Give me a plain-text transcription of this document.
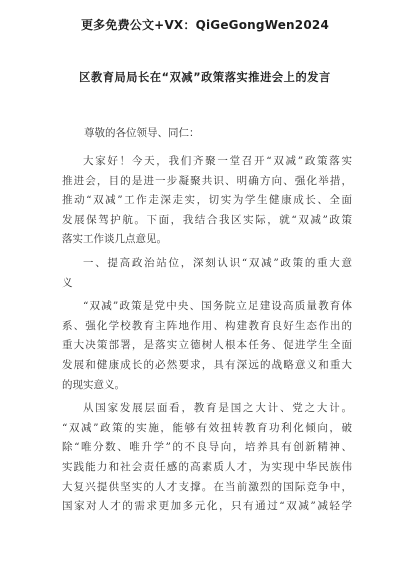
更多免费公文+VX：QiGeGongWen2024
区教育局局长在“双减”政策落实推进会上的发言
尊敬的各位领导、同仁：
大家好！今天，我们齐聚一堂召开“双减”政策落实
推进会，目的是进一步凝聚共识、明确方向、强化举措，
推动“双减”工作走深走实，切实为学生健康成长、全面
发展保驾护航。下面，我结合我区实际，就“双减”政策
落实工作谈几点意见。
一、提高政治站位，深刻认识“双减”政策的重大意
义
“双减”政策是党中央、国务院立足建设高质量教育体
系、强化学校教育主阵地作用、构建教育良好生态作出的
重大决策部署，是落实立德树人根本任务、促进学生全面
发展和健康成长的必然要求，具有深远的战略意义和重大
的现实意义。
从国家发展层面看，教育是国之大计、党之大计。
“双减”政策的实施，能够有效扭转教育功利化倾向，破
除“唯分数、唯升学”的不良导向，培养具有创新精神、
实践能力和社会责任感的高素质人才，为实现中华民族伟
大复兴提供坚实的人才支撑。在当前激烈的国际竞争中，
国家对人才的需求更加多元化，只有通过“双减”减轻学
